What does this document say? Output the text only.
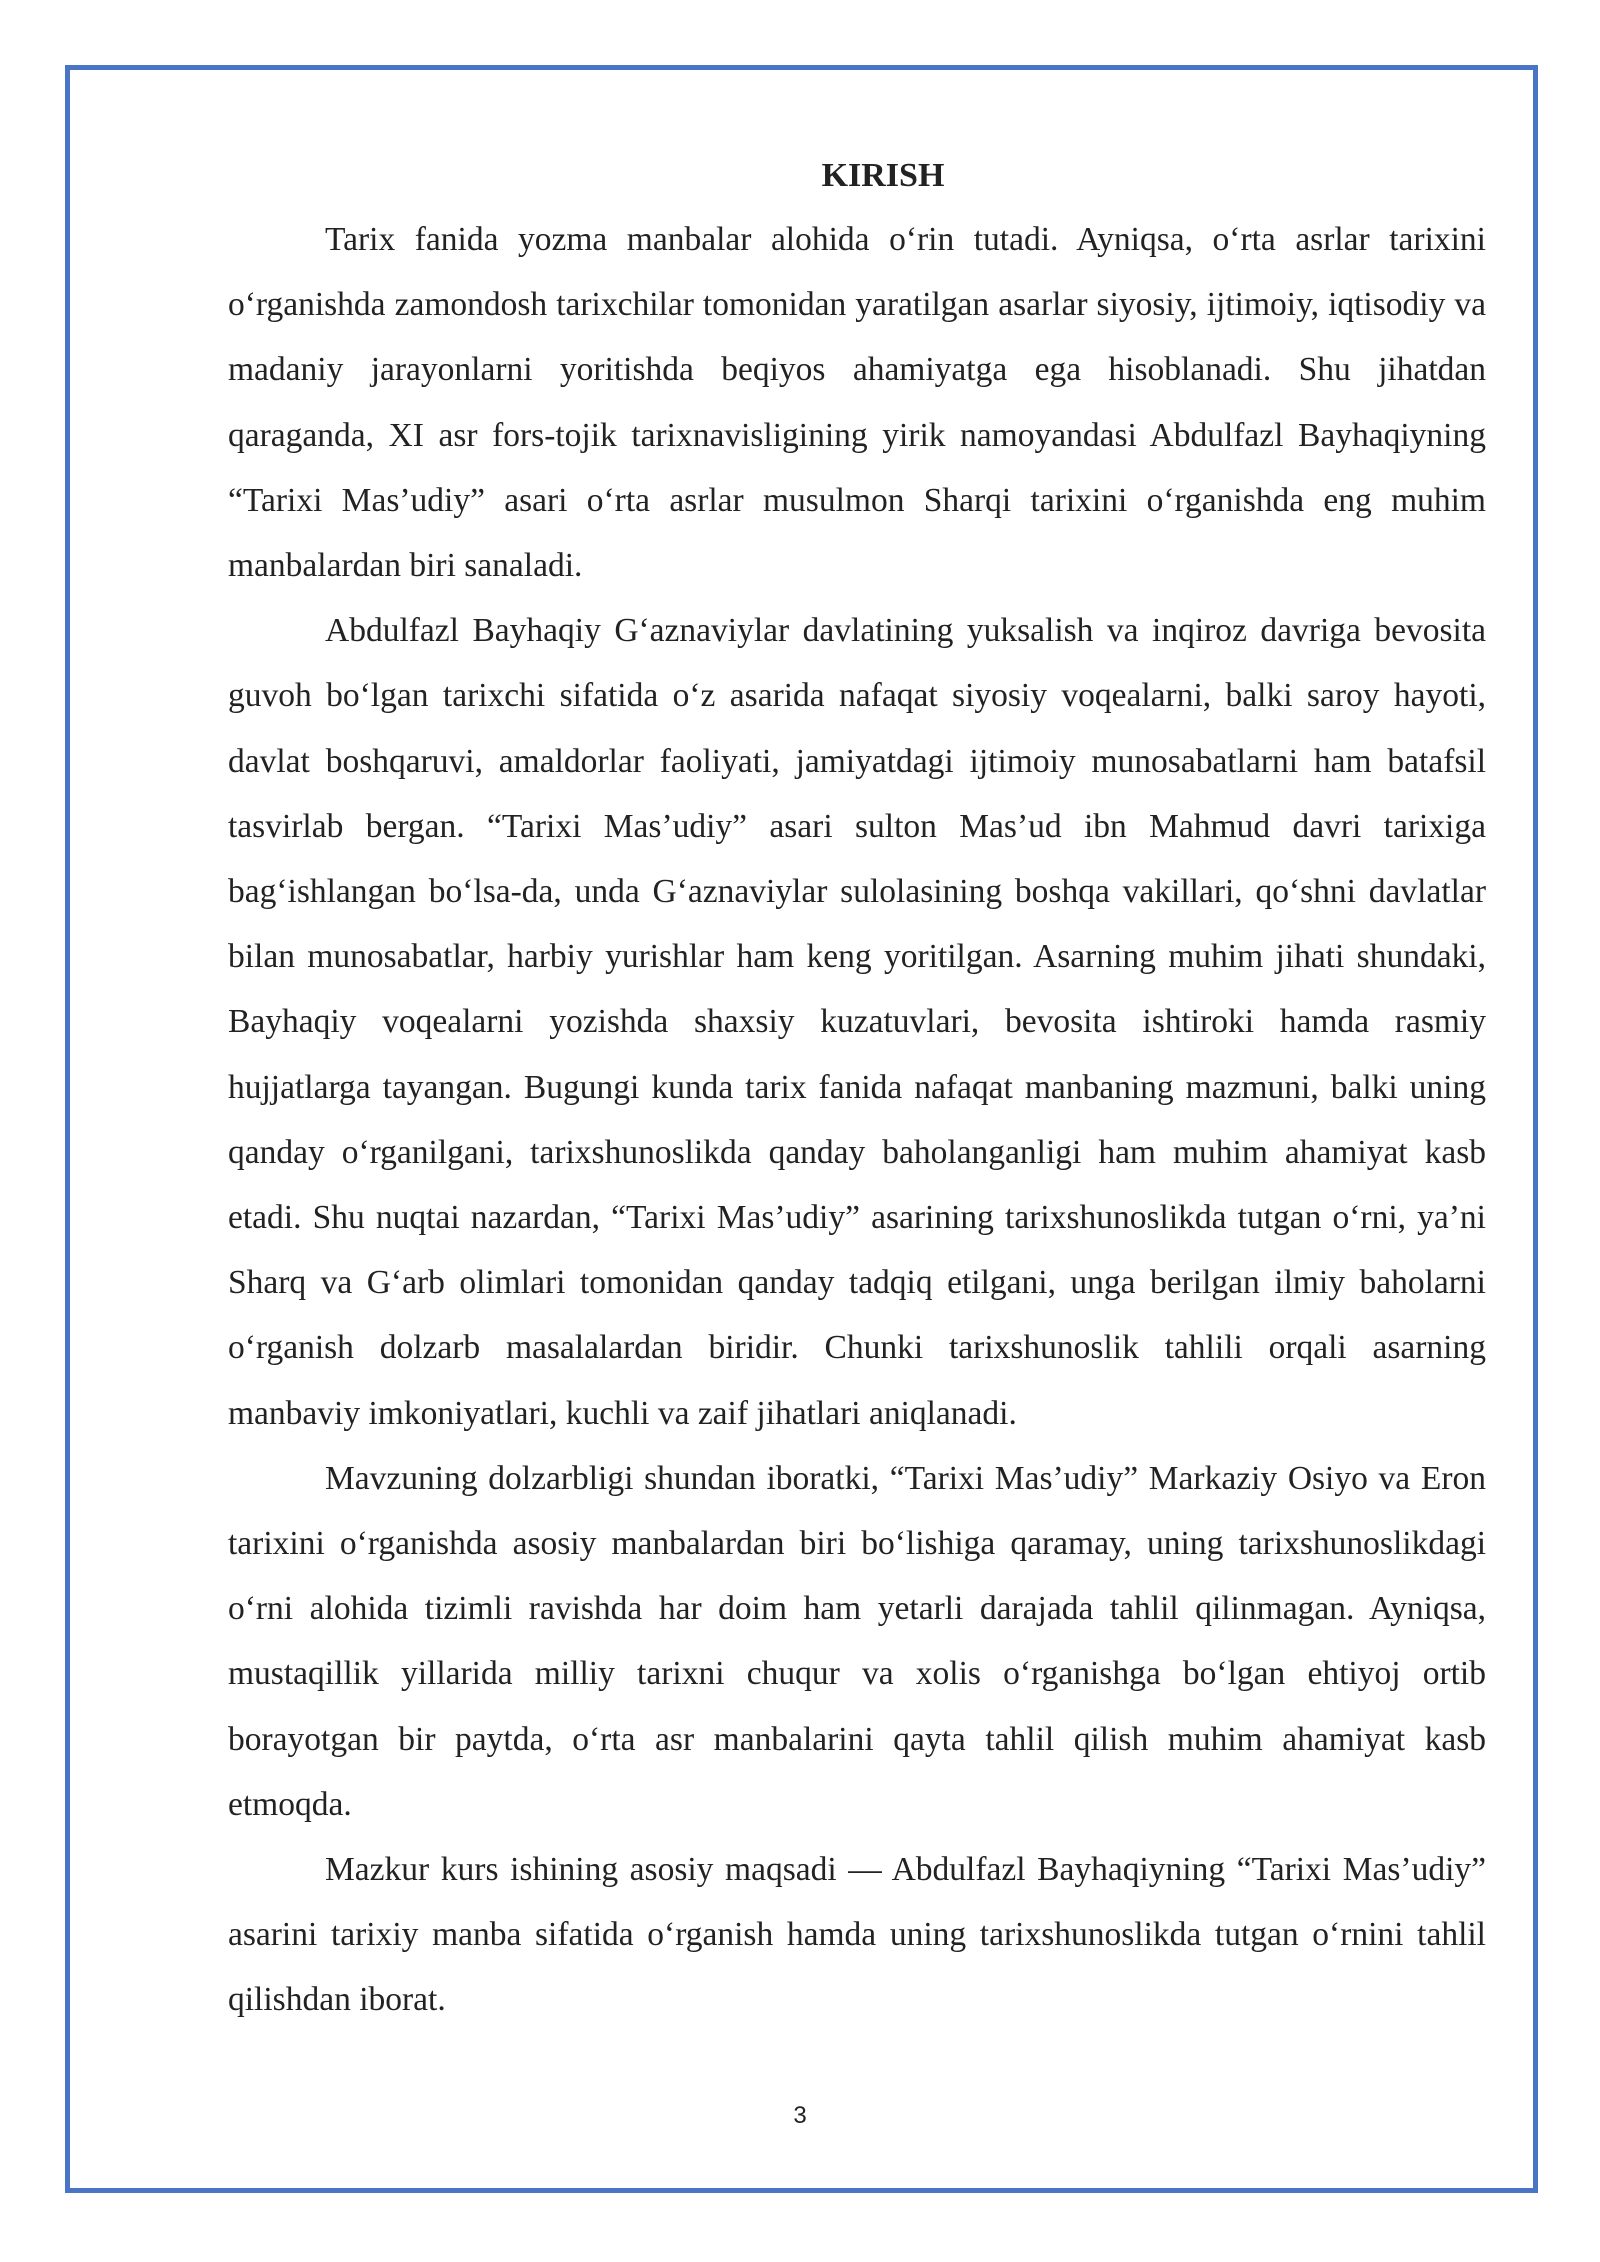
KIRISH

Tarix fanida yozma manbalar alohida o‘rin tutadi. Ayniqsa, o‘rta asrlar tarixini o‘rganishda zamondosh tarixchilar tomonidan yaratilgan asarlar siyosiy, ijtimoiy, iqtisodiy va madaniy jarayonlarni yoritishda beqiyos ahamiyatga ega hisoblanadi. Shu jihatdan qaraganda, XI asr fors-tojik tarixnavisligining yirik namoyandasi Abdulfazl Bayhaqiyning “Tarixi Mas’udiy” asari o‘rta asrlar musulmon Sharqi tarixini o‘rganishda eng muhim manbalardan biri sanaladi.

Abdulfazl Bayhaqiy G‘aznaviylar davlatining yuksalish va inqiroz davriga bevosita guvoh bo‘lgan tarixchi sifatida o‘z asarida nafaqat siyosiy voqealarni, balki saroy hayoti, davlat boshqaruvi, amaldorlar faoliyati, jamiyatdagi ijtimoiy munosabatlarni ham batafsil tasvirlab bergan. “Tarixi Mas’udiy” asari sulton Mas’ud ibn Mahmud davri tarixiga bag‘ishlangan bo‘lsa-da, unda G‘aznaviylar sulolasining boshqa vakillari, qo‘shni davlatlar bilan munosabatlar, harbiy yurishlar ham keng yoritilgan. Asarning muhim jihati shundaki, Bayhaqiy voqealarni yozishda shaxsiy kuzatuvlari, bevosita ishtiroki hamda rasmiy hujjatlarga tayangan. Bugungi kunda tarix fanida nafaqat manbaning mazmuni, balki uning qanday o‘rganilgani, tarixshunoslikda qanday baholanganligi ham muhim ahamiyat kasb etadi. Shu nuqtai nazardan, “Tarixi Mas’udiy” asarining tarixshunoslikda tutgan o‘rni, ya’ni Sharq va G‘arb olimlari tomonidan qanday tadqiq etilgani, unga berilgan ilmiy baholarni o‘rganish dolzarb masalalardan biridir. Chunki tarixshunoslik tahlili orqali asarning manbaviy imkoniyatlari, kuchli va zaif jihatlari aniqlanadi.

Mavzuning dolzarbligi shundan iboratki, “Tarixi Mas’udiy” Markaziy Osiyo va Eron tarixini o‘rganishda asosiy manbalardan biri bo‘lishiga qaramay, uning tarixshunoslikdagi o‘rni alohida tizimli ravishda har doim ham yetarli darajada tahlil qilinmagan. Ayniqsa, mustaqillik yillarida milliy tarixni chuqur va xolis o‘rganishga bo‘lgan ehtiyoj ortib borayotgan bir paytda, o‘rta asr manbalarini qayta tahlil qilish muhim ahamiyat kasb etmoqda.

Mazkur kurs ishining asosiy maqsadi — Abdulfazl Bayhaqiyning “Tarixi Mas’udiy” asarini tarixiy manba sifatida o‘rganish hamda uning tarixshunoslikda tutgan o‘rnini tahlil qilishdan iborat.

3
